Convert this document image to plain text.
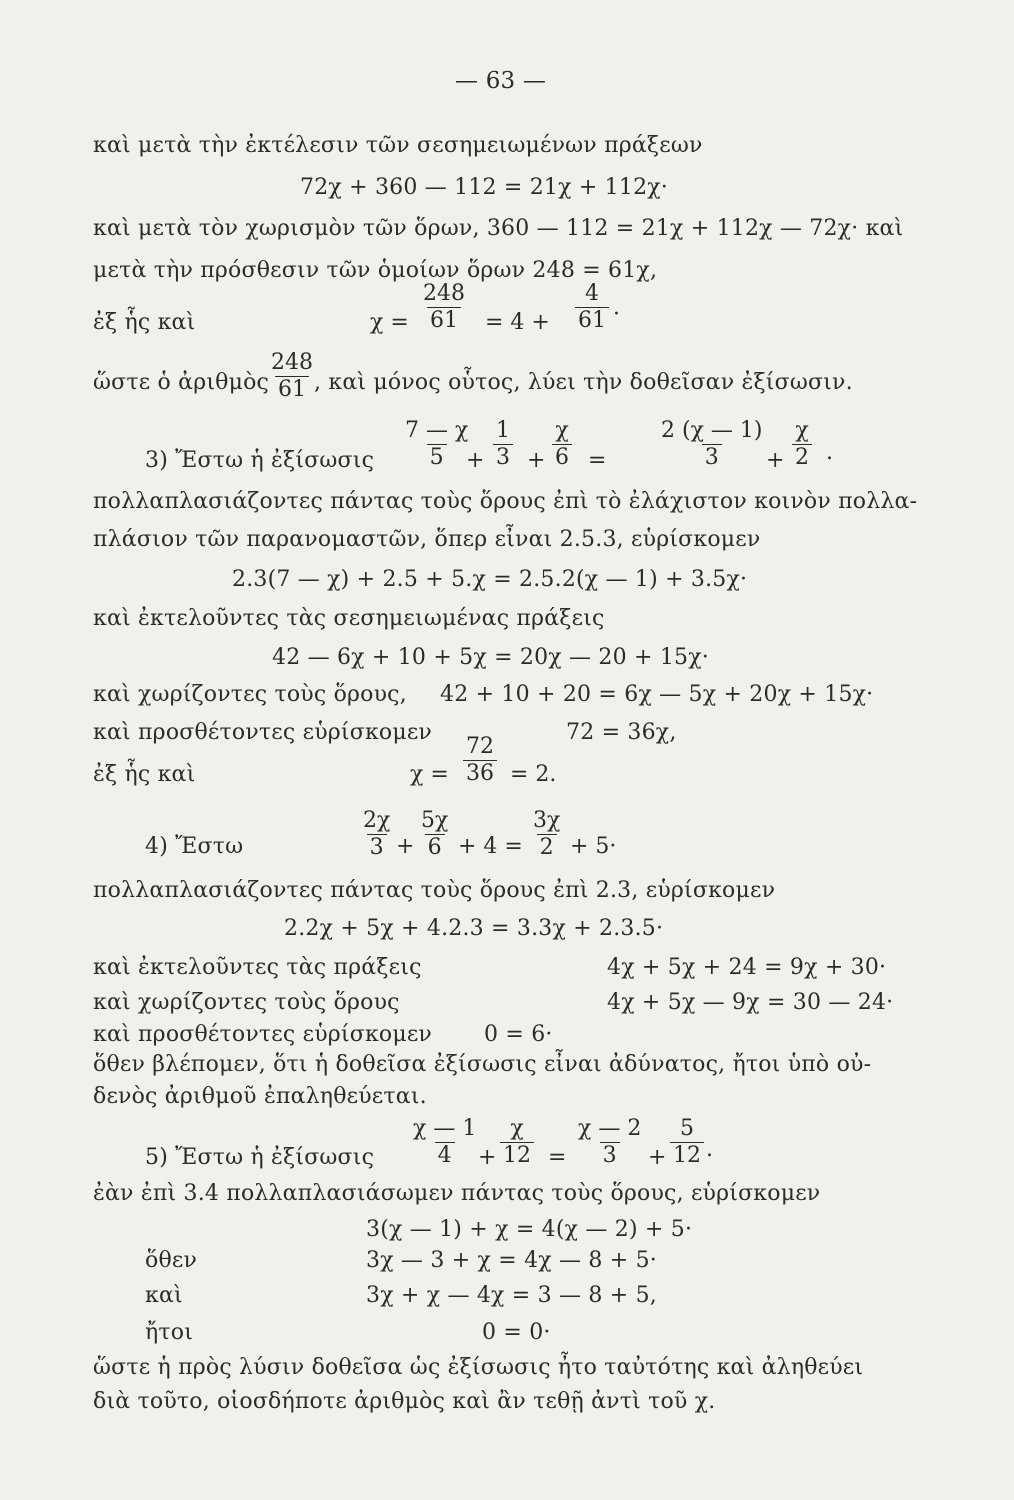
— 63 —
καὶ μετὰ τὴν ἐκτέλεσιν τῶν σεσημειωμένων πράξεων
72χ + 360 — 112 = 21χ + 112χ·
καὶ μετὰ τὸν χωρισμὸν τῶν ὅρων, 360 — 112 = 21χ + 112χ — 72χ· καὶ
μετὰ τὴν πρόσθεσιν τῶν ὁμοίων ὅρων 248 = 61χ,
ἐξ ἧς καὶ	$\chi = \frac{248}{61} = 4 + \frac{4}{61}$ ·
ὥστε ὁ ἀριθμὸς
$\frac{248}{61}$
, καὶ μόνος οὗτος, λύει τὴν δοθεῖσαν ἐξίσωσιν.
3) Ἔστω ἡ ἐξίσωσις $\frac{7 — \chi}{5}$
+ $\frac{1}{3} + \frac{\chi}{6} = \frac{2 (\chi — 1)}{3} + \frac{\chi}{2}$ .
πολλαπλασιάζοντες πάντας τοὺς ὅρους ἐπὶ τὸ ἐλάχιστον κοινὸν πολλα-
πλάσιον τῶν παρανομαστῶν, ὅπερ εἶναι 2.5.3, εὑρίσκομεν
2.3(7 — χ) + 2.5 + 5.χ = 2.5.2(χ — 1) + 3.5χ·
καὶ ἐκτελοῦντες τὰς σεσημειωμένας πράξεις
42 — 6χ + 10 + 5χ = 20χ — 20 + 15χ·
καὶ χωρίζοντες τοὺς ὅρους, 42 + 10 + 20 = 6χ — 5χ + 20χ + 15χ·
καὶ προσθέτοντες εὑρίσκομεν	72 = 36χ,
ἐξ ἧς καὶ	$\chi = \frac{72}{36} = 2$.
4) Ἔστω	$\frac{2\chi}{3} + \frac{5\chi}{6} + 4 = \frac{3\chi}{2} + 5\cdot$
πολλαπλασιάζοντες πάντας τοὺς ὅρους ἐπὶ 2.3, εὑρίσκομεν
2.2χ + 5χ + 4.2.3 = 3.3χ + 2.3.5·
καὶ ἐκτελοῦντες τὰς πράξεις	4χ + 5χ + 24 = 9χ + 30·
καὶ χωρίζοντες τοὺς ὅρους	4χ + 5χ — 9χ = 30 — 24·
καὶ προσθέτοντες εὑρίσκομεν 0 = 6·
ὅθεν βλέπομεν, ὅτι ἡ δοθεῖσα ἐξίσωσις εἶναι ἀδύνατος, ἤτοι ὑπὸ οὐ-
δενὸς ἀριθμοῦ ἐπαληθεύεται.
5) Ἔστω ἡ ἐξίσωσις $\frac{\chi — 1}{4}$
+ $\frac{\chi}{12} = \frac{\chi — 2}{3} + \frac{5}{12}$ .
ἐὰν ἐπὶ 3.4 πολλαπλασιάσωμεν πάντας τοὺς ὅρους, εὑρίσκομεν
3(χ — 1) + χ = 4(χ — 2) + 5·
ὅθεν	3χ — 3 + χ = 4χ — 8 + 5·
καὶ	3χ + χ — 4χ = 3 — 8 + 5,
ἤτοι	0 = 0·
ὥστε ἡ πρὸς λύσιν δοθεῖσα ὡς ἐξίσωσις ἦτο ταὐτότης καὶ ἀληθεύει
διὰ τοῦτο, οἱοσδήποτε ἀριθμὸς καὶ ἂν τεθῇ ἀντὶ τοῦ χ.
